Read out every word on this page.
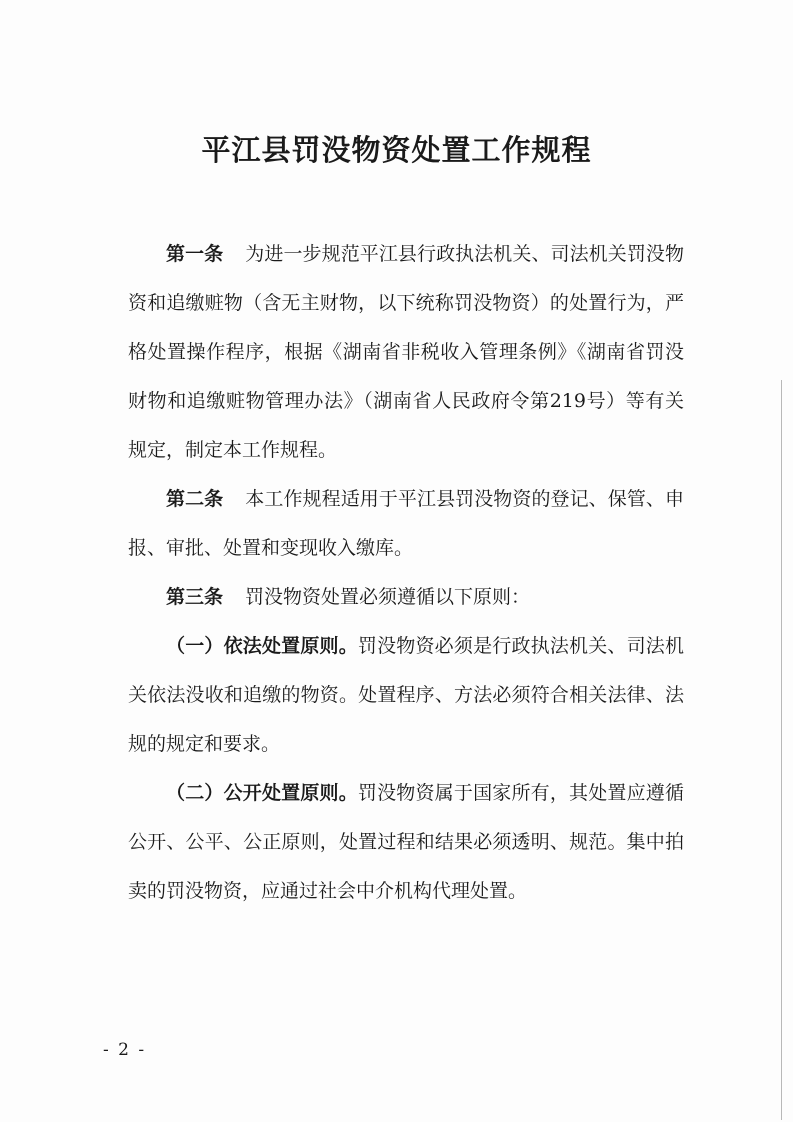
平江县罚没物资处置工作规程

第一条 为进一步规范平江县行政执法机关、司法机关罚没物资和追缴赃物（含无主财物，以下统称罚没物资）的处置行为，严格处置操作程序，根据《湖南省非税收入管理条例》《湖南省罚没财物和追缴赃物管理办法》（湖南省人民政府令第219号）等有关规定，制定本工作规程。

第二条 本工作规程适用于平江县罚没物资的登记、保管、申报、审批、处置和变现收入缴库。

第三条 罚没物资处置必须遵循以下原则：

（一）依法处置原则。罚没物资必须是行政执法机关、司法机关依法没收和追缴的物资。处置程序、方法必须符合相关法律、法规的规定和要求。

（二）公开处置原则。罚没物资属于国家所有，其处置应遵循公开、公平、公正原则，处置过程和结果必须透明、规范。集中拍卖的罚没物资，应通过社会中介机构代理处置。

- 2 -
